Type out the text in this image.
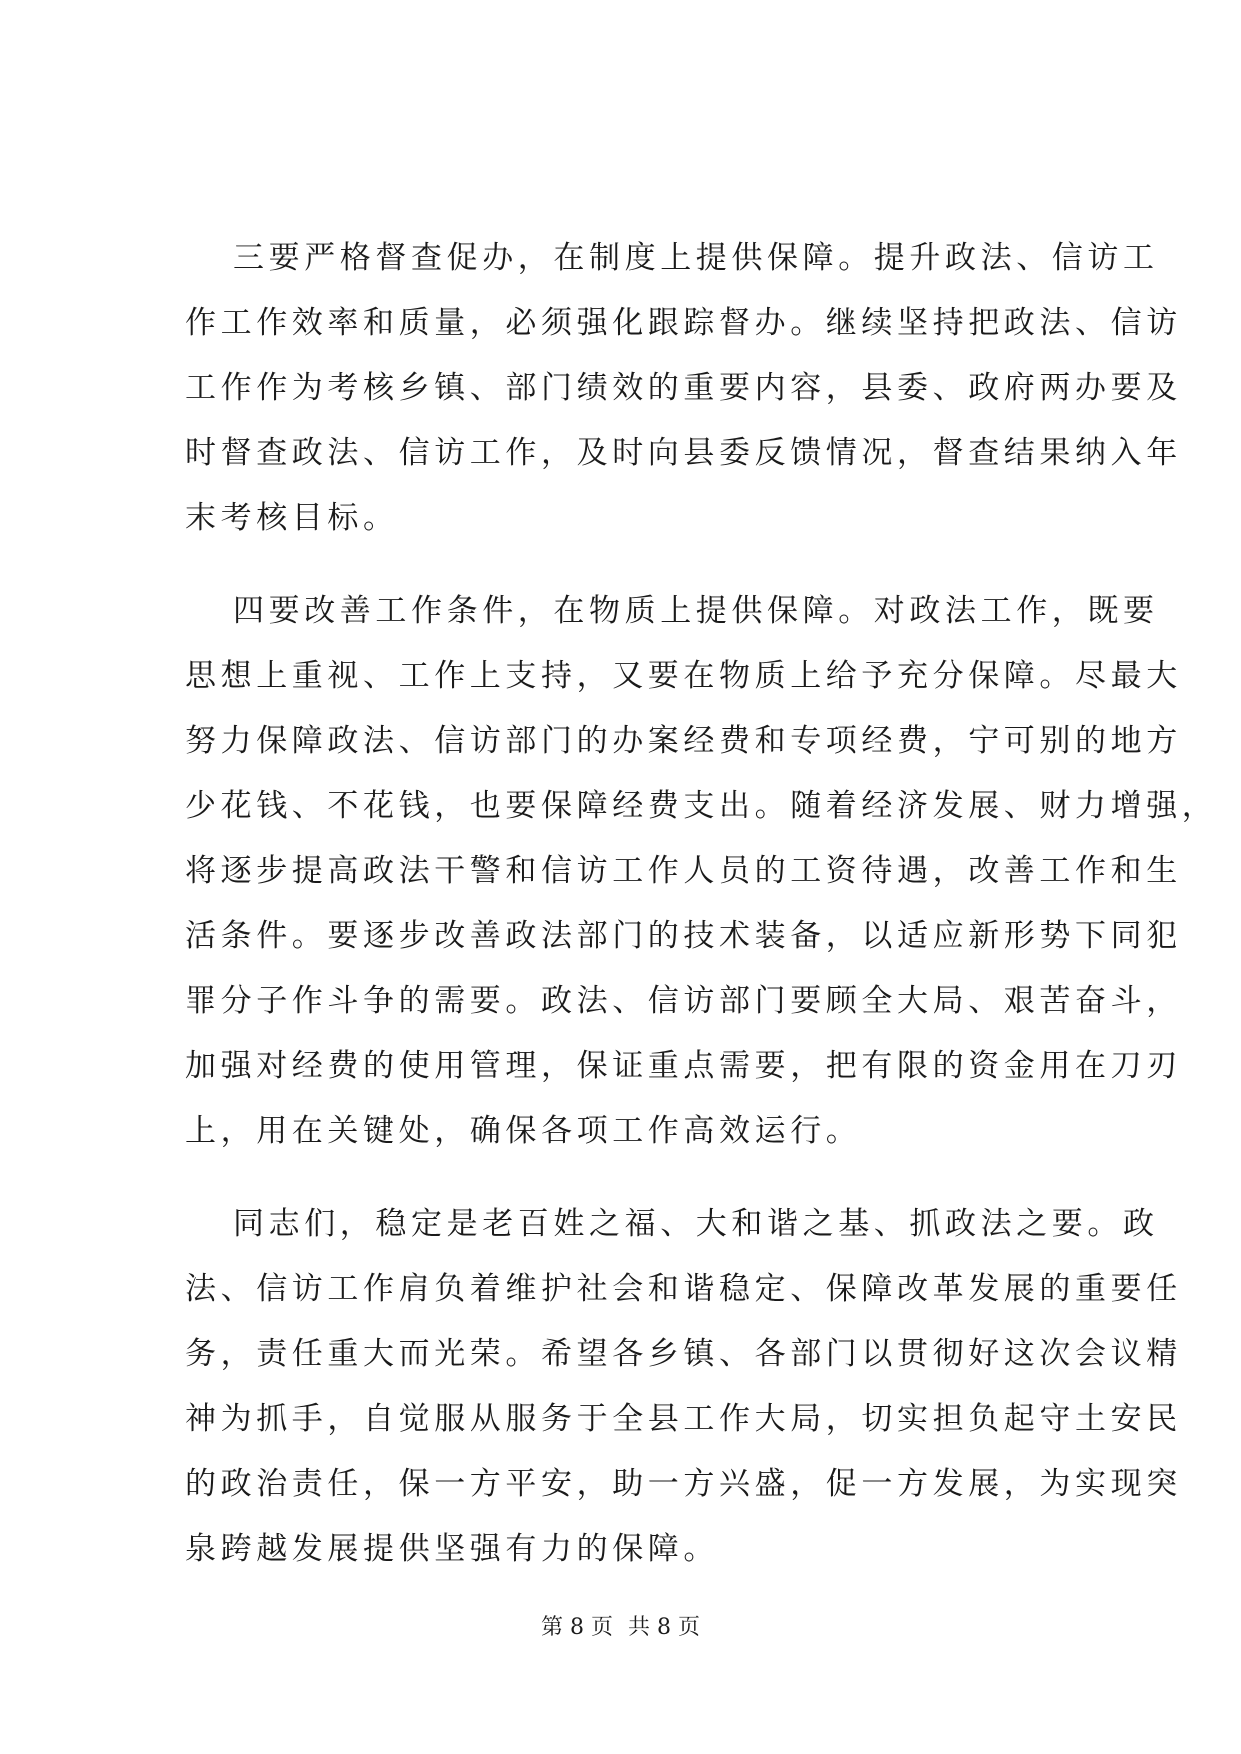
三要严格督查促办，在制度上提供保障。提升政法、信访工
作工作效率和质量，必须强化跟踪督办。继续坚持把政法、信访
工作作为考核乡镇、部门绩效的重要内容，县委、政府两办要及
时督查政法、信访工作，及时向县委反馈情况，督查结果纳入年
末考核目标。

四要改善工作条件，在物质上提供保障。对政法工作，既要
思想上重视、工作上支持，又要在物质上给予充分保障。尽最大
努力保障政法、信访部门的办案经费和专项经费，宁可别的地方
少花钱、不花钱，也要保障经费支出。随着经济发展、财力增强，
将逐步提高政法干警和信访工作人员的工资待遇，改善工作和生
活条件。要逐步改善政法部门的技术装备，以适应新形势下同犯
罪分子作斗争的需要。政法、信访部门要顾全大局、艰苦奋斗，
加强对经费的使用管理，保证重点需要，把有限的资金用在刀刃
上，用在关键处，确保各项工作高效运行。

同志们，稳定是老百姓之福、大和谐之基、抓政法之要。政
法、信访工作肩负着维护社会和谐稳定、保障改革发展的重要任
务，责任重大而光荣。希望各乡镇、各部门以贯彻好这次会议精
神为抓手，自觉服从服务于全县工作大局，切实担负起守土安民
的政治责任，保一方平安，助一方兴盛，促一方发展，为实现突
泉跨越发展提供坚强有力的保障。

第 8 页 共 8 页
